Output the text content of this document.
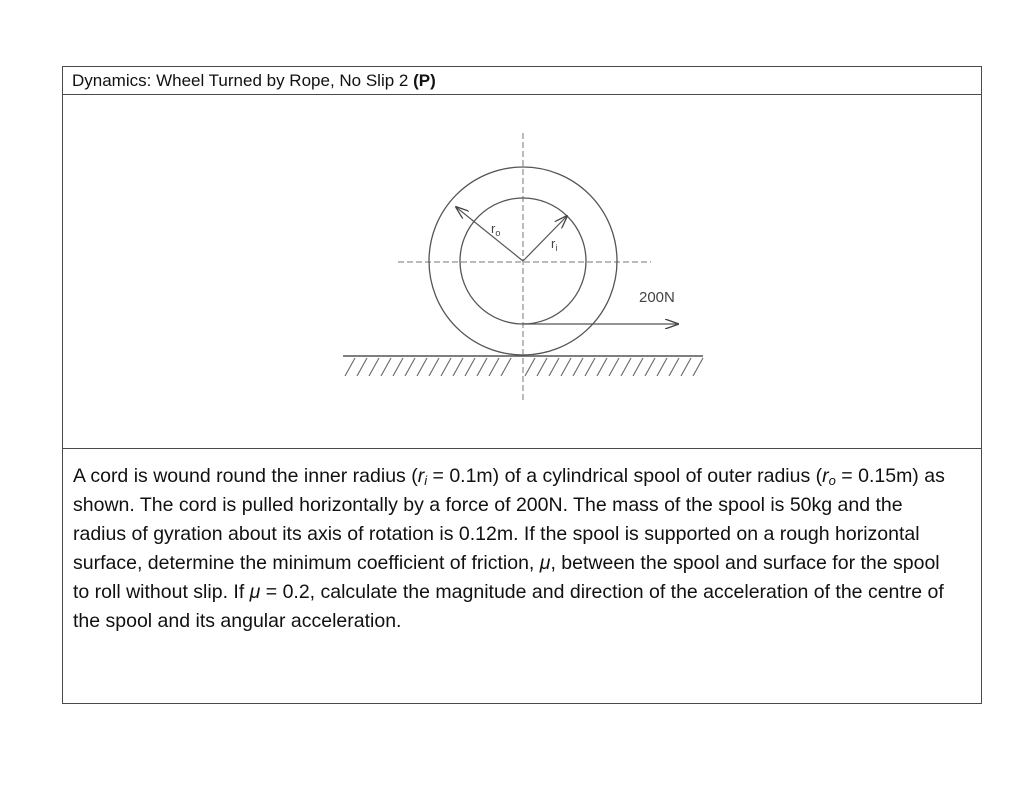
Dynamics: Wheel Turned by Rope, No Slip 2 (P)
$r_o$
$r_i$
200N
A cord is wound round the inner radius $(r_i = 0.1m)$ of a cylindrical spool of outer radius $(r_o = 0.15m)$ as shown. The cord is pulled horizontally by a force of 200N. The mass of the spool is 50kg and the radius of gyration about its axis of rotation is 0.12m. If the spool is supported on a rough horizontal surface, determine the minimum coefficient of friction, μ, between the spool and surface for the spool to roll without slip. If μ = 0.2, calculate the magnitude and direction of the acceleration of the centre of the spool and its angular acceleration.
